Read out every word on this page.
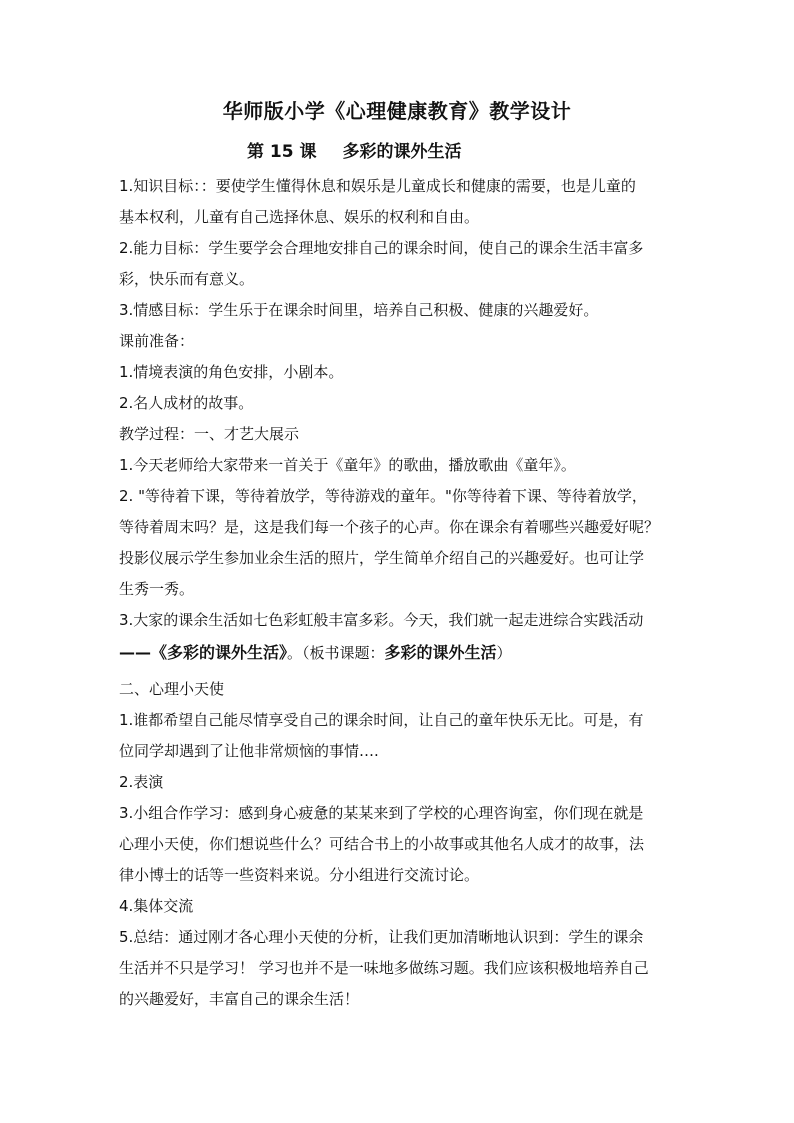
华师版小学《心理健康教育》教学设计
第 15 课 多彩的课外生活
1.知识目标：：要使学生懂得休息和娱乐是儿童成长和健康的需要，也是儿童的
基本权利，儿童有自己选择休息、娱乐的权利和自由。
2.能力目标：学生要学会合理地安排自己的课余时间，使自己的课余生活丰富多
彩，快乐而有意义。
3.情感目标：学生乐于在课余时间里，培养自己积极、健康的兴趣爱好。
课前准备：
1.情境表演的角色安排，小剧本。
2.名人成材的故事。
教学过程：一、才艺大展示
1.今天老师给大家带来一首关于《童年》的歌曲，播放歌曲《童年》。
2. "等待着下课，等待着放学，等待游戏的童年。"你等待着下课、等待着放学，
等待着周末吗？是，这是我们每一个孩子的心声。你在课余有着哪些兴趣爱好呢？
投影仪展示学生参加业余生活的照片，学生简单介绍自己的兴趣爱好。也可让学
生秀一秀。
3.大家的课余生活如七色彩虹般丰富多彩。今天，我们就一起走进综合实践活动
——《多彩的课外生活》。（板书课题：多彩的课外生活）
二、心理小天使
1.谁都希望自己能尽情享受自己的课余时间，让自己的童年快乐无比。可是，有
位同学却遇到了让他非常烦恼的事情….
2.表演
3.小组合作学习：感到身心疲惫的某某来到了学校的心理咨询室，你们现在就是
心理小天使，你们想说些什么？可结合书上的小故事或其他名人成才的故事，法
律小博士的话等一些资料来说。分小组进行交流讨论。
4.集体交流
5.总结：通过刚才各心理小天使的分析，让我们更加清晰地认识到：学生的课余
生活并不只是学习！ 学习也并不是一味地多做练习题。我们应该积极地培养自己
的兴趣爱好，丰富自己的课余生活！
